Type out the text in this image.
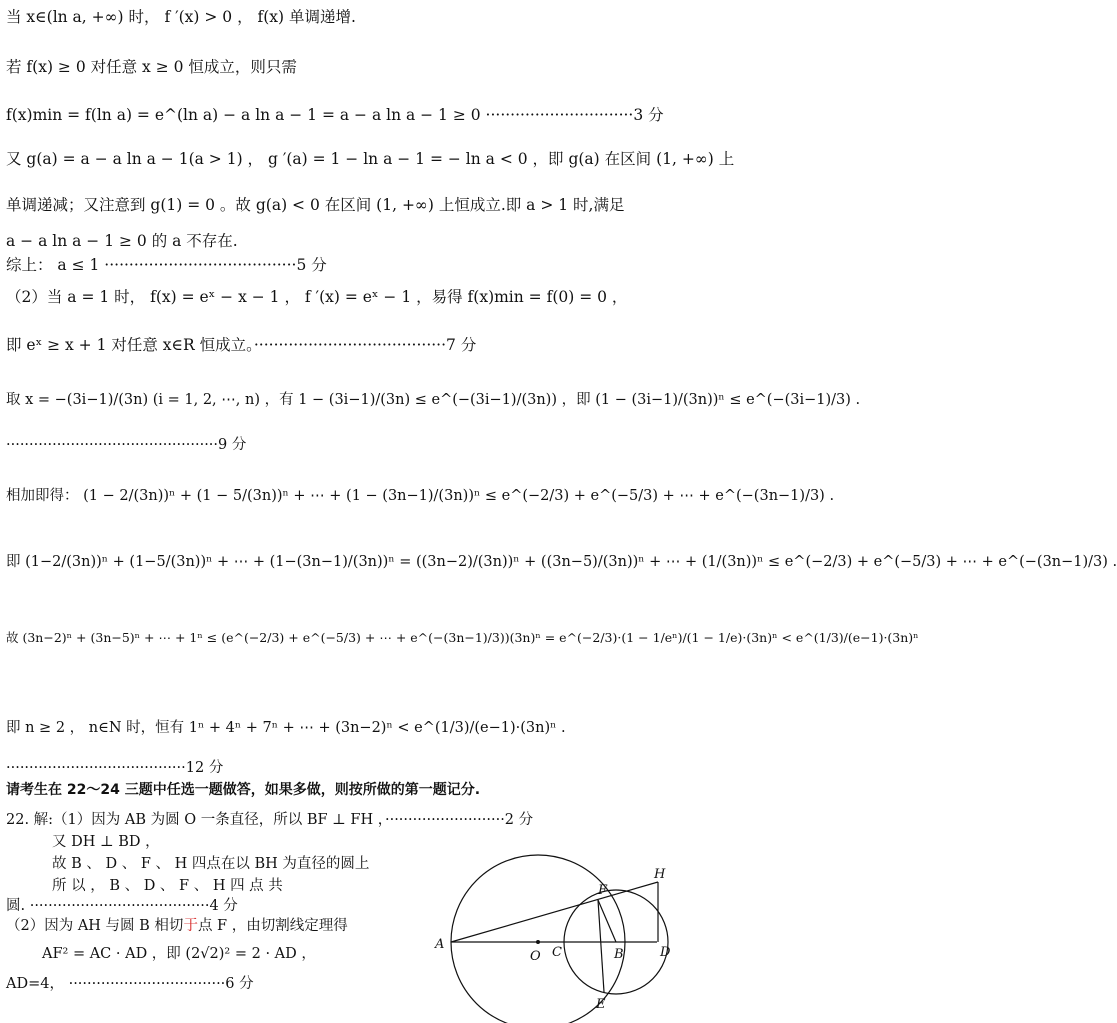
当 x∈(ln a, +∞) 时， f ′(x) > 0 ， f(x) 单调递增.
若 f(x) ≥ 0 对任意 x ≥ 0 恒成立，则只需
f(x)min = f(ln a) = e^(ln a) − a ln a − 1 = a − a ln a − 1 ≥ 0 ······························3 分
又 g(a) = a − a ln a − 1(a > 1) ， g ′(a) = 1 − ln a − 1 = − ln a < 0 ，即 g(a) 在区间 (1, +∞) 上
单调递减；又注意到 g(1) = 0 。故 g(a) < 0 在区间 (1, +∞) 上恒成立.即 a > 1 时,满足
a − a ln a − 1 ≥ 0 的 a 不存在.
综上： a ≤ 1 ·······································5 分
（2）当 a = 1 时， f(x) = eˣ − x − 1 ， f ′(x) = eˣ − 1 ，易得 f(x)min = f(0) = 0 ，
即 eˣ ≥ x + 1 对任意 x∈R 恒成立。·······································7 分
取 x = −(3i−1)/(3n) (i = 1, 2, ⋯, n) ，有 1 − (3i−1)/(3n) ≤ e^(−(3i−1)/(3n)) ，即 (1 − (3i−1)/(3n))ⁿ ≤ e^(−(3i−1)/3) .
··············································9 分
相加即得： (1 − 2/(3n))ⁿ + (1 − 5/(3n))ⁿ + ⋯ + (1 − (3n−1)/(3n))ⁿ ≤ e^(−2/3) + e^(−5/3) + ⋯ + e^(−(3n−1)/3) .
即 (1−2/(3n))ⁿ + (1−5/(3n))ⁿ + ⋯ + (1−(3n−1)/(3n))ⁿ = ((3n−2)/(3n))ⁿ + ((3n−5)/(3n))ⁿ + ⋯ + (1/(3n))ⁿ ≤ e^(−2/3) + e^(−5/3) + ⋯ + e^(−(3n−1)/3) .
故 (3n−2)ⁿ + (3n−5)ⁿ + ⋯ + 1ⁿ ≤ (e^(−2/3) + e^(−5/3) + ⋯ + e^(−(3n−1)/3))(3n)ⁿ = e^(−2/3)·(1 − 1/eⁿ)/(1 − 1/e)·(3n)ⁿ < e^(1/3)/(e−1)·(3n)ⁿ
即 n ≥ 2 ， n∈N 时，恒有 1ⁿ + 4ⁿ + 7ⁿ + ⋯ + (3n−2)ⁿ < e^(1/3)/(e−1)·(3n)ⁿ .
·······································12 分
请考生在 22～24 三题中任选一题做答，如果多做，则按所做的第一题记分.
22. 解:（1）因为 AB 为圆 O 一条直径，所以 BF ⊥ FH ，··························2 分
又 DH ⊥ BD ，
故 B 、 D 、 F 、 H 四点在以 BH 为直径的圆上
所 以 ， B 、 D 、 F 、 H 四 点 共
圆. ·······································4 分
（2）因为 AH 与圆 B 相切于点 F ，由切割线定理得
AF² = AC · AD ，即 (2√2)² = 2 · AD ，
AD=4， ··································6 分
A
O C	B	D
F
H
E
